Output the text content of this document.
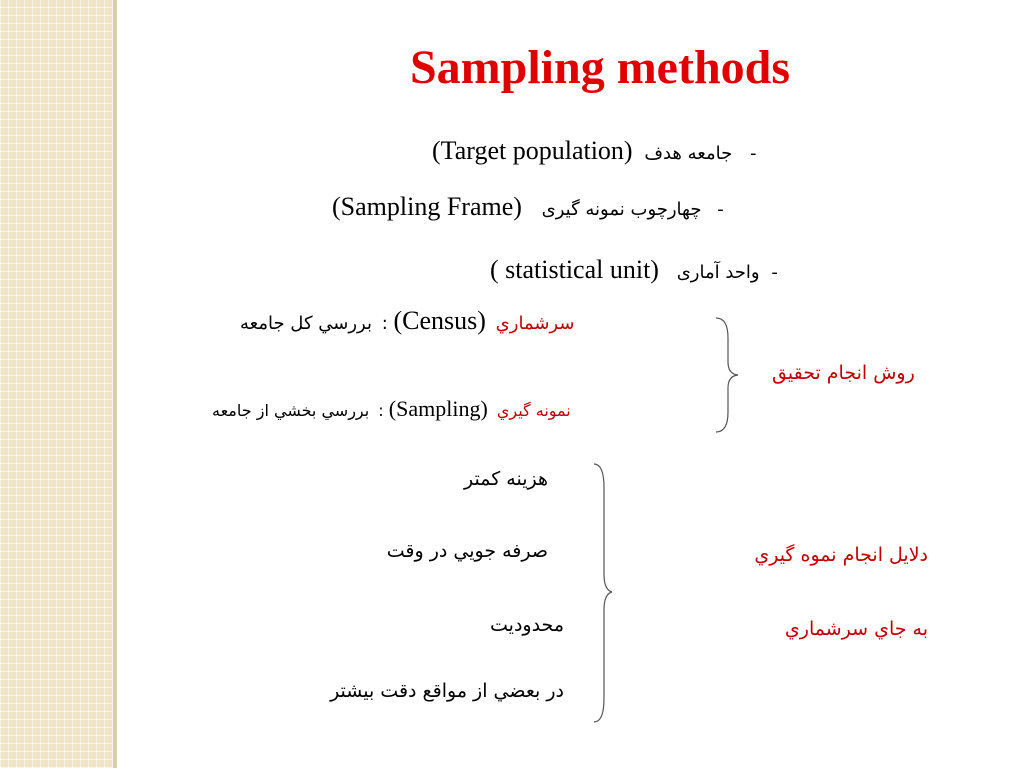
Sampling methods
(Target population) جامعه هدف -
(Sampling Frame) چهارچوب نمونه گیری -
( statistical unit) واحد آماری -
بررسي كل جامعه : (Census) سرشماري
بررسي بخشي از جامعه : (Sampling) نمونه گيري
روش انجام تحقيق
هزينه كمتر
صرفه جويي در وقت
محدوديت
در بعضي از مواقع دقت بيشتر
دلايل انجام نموه گيري
به جاي سرشماري
